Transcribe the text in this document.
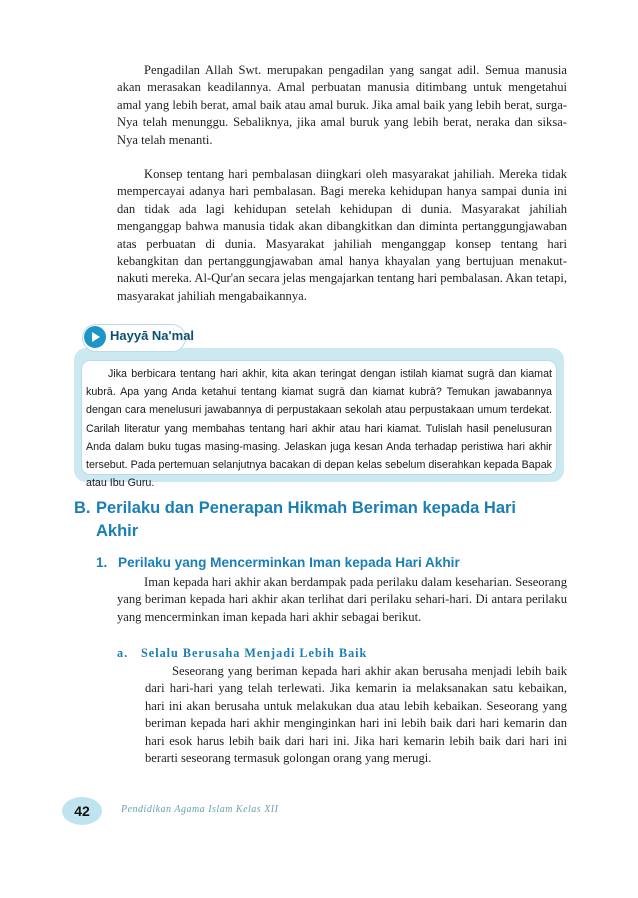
Pengadilan Allah Swt. merupakan pengadilan yang sangat adil. Semua manusia akan merasakan keadilannya. Amal perbuatan manusia ditimbang untuk mengetahui amal yang lebih berat, amal baik atau amal buruk. Jika amal baik yang lebih berat, surga-Nya telah menunggu. Sebaliknya, jika amal buruk yang lebih berat, neraka dan siksa-Nya telah menanti.

Konsep tentang hari pembalasan diingkari oleh masyarakat jahiliah. Mereka tidak mempercayai adanya hari pembalasan. Bagi mereka kehidupan hanya sampai dunia ini dan tidak ada lagi kehidupan setelah kehidupan di dunia. Masyarakat jahiliah menganggap bahwa manusia tidak akan dibangkitkan dan diminta pertanggungjawaban atas perbuatan di dunia. Masyarakat jahiliah menganggap konsep tentang hari kebangkitan dan pertanggungjawaban amal hanya khayalan yang bertujuan menakut-nakuti mereka. Al-Qur'an secara jelas mengajarkan tentang hari pembalasan. Akan tetapi, masyarakat jahiliah mengabaikannya.

Jika berbicara tentang hari akhir, kita akan teringat dengan istilah kiamat sugrā dan kiamat kubrā. Apa yang Anda ketahui tentang kiamat sugrā dan kiamat kubrā? Temukan jawabannya dengan cara menelusuri jawabannya di perpustakaan sekolah atau perpustakaan umum terdekat. Carilah literatur yang membahas tentang hari akhir atau hari kiamat. Tulislah hasil penelusuran Anda dalam buku tugas masing-masing. Jelaskan juga kesan Anda terhadap peristiwa hari akhir tersebut. Pada pertemuan selanjutnya bacakan di depan kelas sebelum diserahkan kepada Bapak atau Ibu Guru.

Hayyā Na'mal
B. Perilaku dan Penerapan Hikmah Beriman kepada Hari
Akhir
1. Perilaku yang Mencerminkan Iman kepada Hari Akhir

Iman kepada hari akhir akan berdampak pada perilaku dalam keseharian. Seseorang yang beriman kepada hari akhir akan terlihat dari perilaku sehari-hari. Di antara perilaku yang mencerminkan iman kepada hari akhir sebagai berikut.

a. Selalu Berusaha Menjadi Lebih Baik

Seseorang yang beriman kepada hari akhir akan berusaha menjadi lebih baik dari hari-hari yang telah terlewati. Jika kemarin ia melaksanakan satu kebaikan, hari ini akan berusaha untuk melakukan dua atau lebih kebaikan. Seseorang yang beriman kepada hari akhir menginginkan hari ini lebih baik dari hari kemarin dan hari esok harus lebih baik dari hari ini. Jika hari kemarin lebih baik dari hari ini berarti seseorang termasuk golongan orang yang merugi.

42	Pendidikan Agama Islam Kelas XII
